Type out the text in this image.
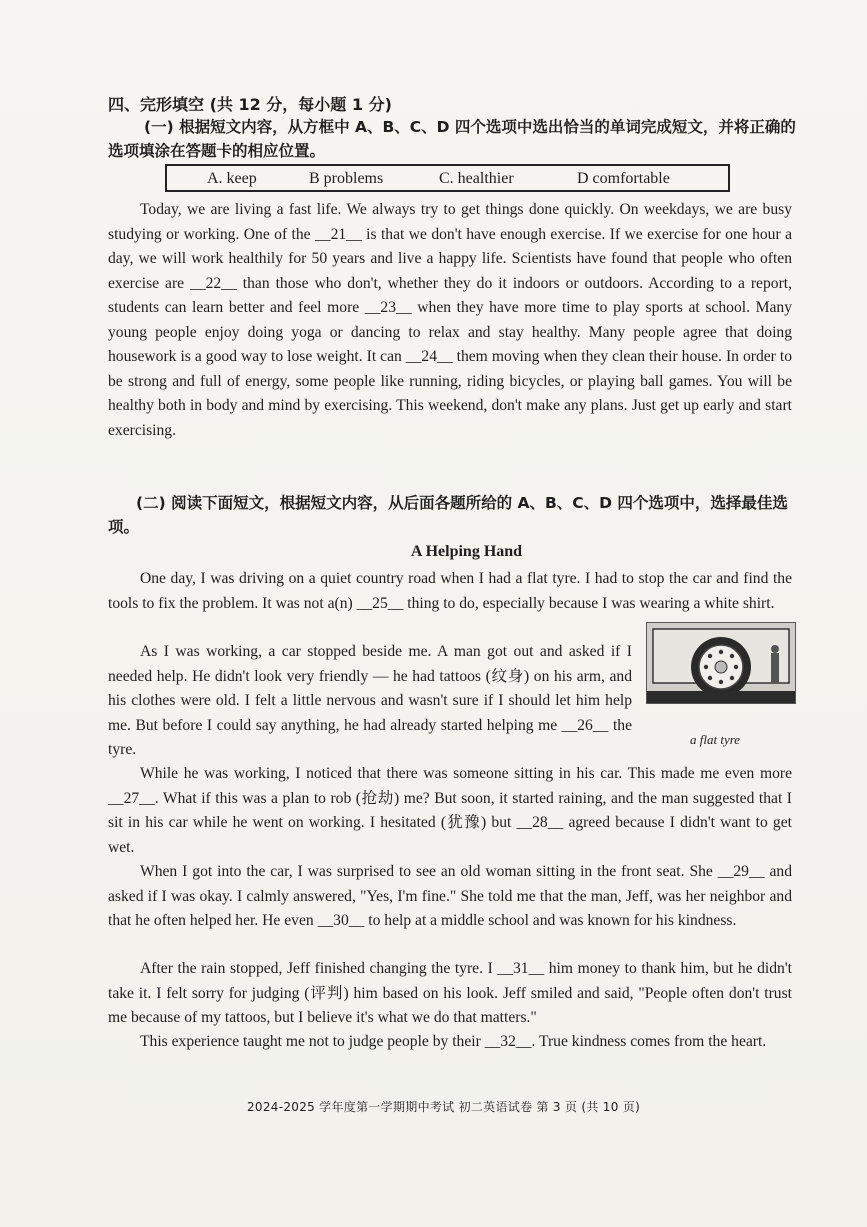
四、完形填空 (共 12 分，每小题 1 分)
(一) 根据短文内容，从方框中 A、B、C、D 四个选项中选出恰当的单词完成短文，并将正确的选项填涂在答题卡的相应位置。
A. keep	B problems	C. healthier	D comfortable

Today, we are living a fast life. We always try to get things done quickly. On weekdays, we are busy studying or working. One of the __21__ is that we don't have enough exercise. If we exercise for one hour a day, we will work healthily for 50 years and live a happy life. Scientists have found that people who often exercise are __22__ than those who don't, whether they do it indoors or outdoors. According to a report, students can learn better and feel more __23__ when they have more time to play sports at school. Many young people enjoy doing yoga or dancing to relax and stay healthy. Many people agree that doing housework is a good way to lose weight. It can __24__ them moving when they clean their house. In order to be strong and full of energy, some people like running, riding bicycles, or playing ball games. You will be healthy both in body and mind by exercising. This weekend, don't make any plans. Just get up early and start exercising.

(二) 阅读下面短文，根据短文内容，从后面各题所给的 A、B、C、D 四个选项中，选择最佳选项。
A Helping Hand

One day, I was driving on a quiet country road when I had a flat tyre. I had to stop the car and find the tools to fix the problem. It was not a(n) __25__ thing to do, especially because I was wearing a white shirt.

As I was working, a car stopped beside me. A man got out and asked if I needed help. He didn't look very friendly — he had tattoos (纹身) on his arm, and his clothes were old. I felt a little nervous and wasn't sure if I should let him help me. But before I could say anything, he had already started helping me __26__ the tyre.

a flat tyre

While he was working, I noticed that there was someone sitting in his car. This made me even more __27__. What if this was a plan to rob (抢劫) me? But soon, it started raining, and the man suggested that I sit in his car while he went on working. I hesitated (犹豫) but __28__ agreed because I didn't want to get wet.

When I got into the car, I was surprised to see an old woman sitting in the front seat. She __29__ and asked if I was okay. I calmly answered, "Yes, I'm fine." She told me that the man, Jeff, was her neighbor and that he often helped her. He even __30__ to help at a middle school and was known for his kindness.

After the rain stopped, Jeff finished changing the tyre. I __31__ him money to thank him, but he didn't take it. I felt sorry for judging (评判) him based on his look. Jeff smiled and said, "People often don't trust me because of my tattoos, but I believe it's what we do that matters."

This experience taught me not to judge people by their __32__. True kindness comes from the heart.

2024-2025 学年度第一学期期中考试 初二英语试卷 第 3 页 (共 10 页)
